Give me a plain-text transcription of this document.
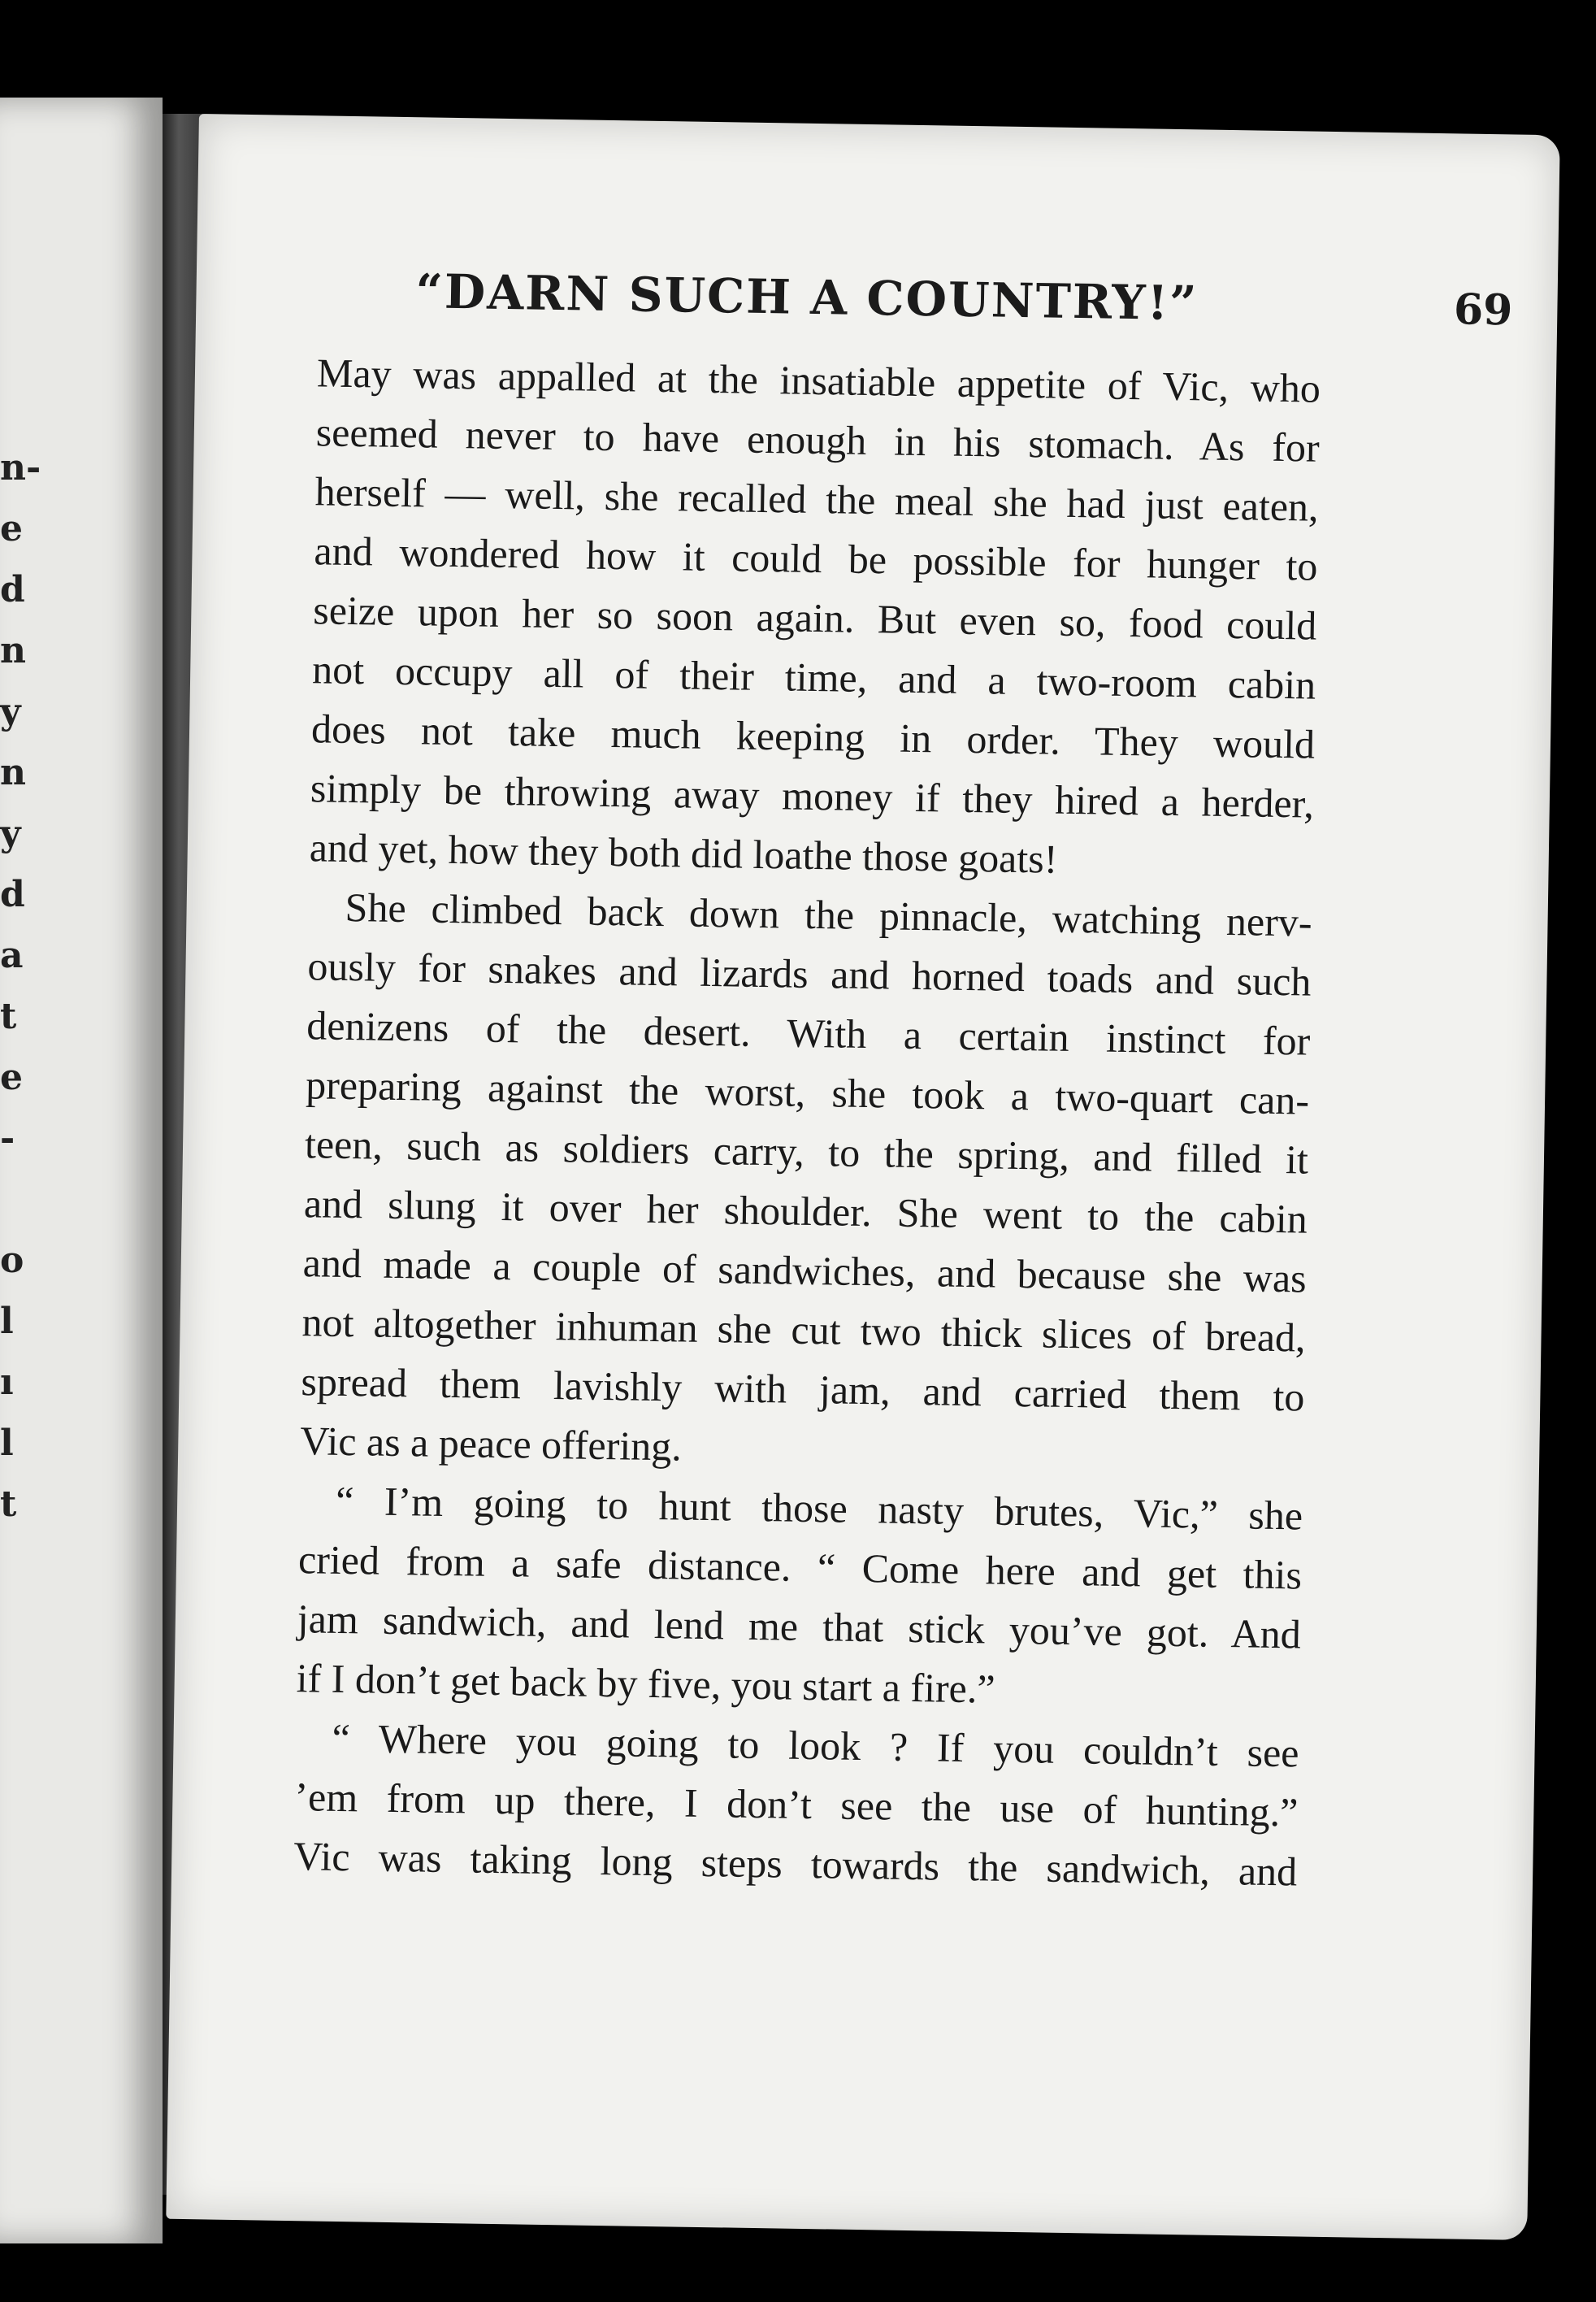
n-
e
d
n
y
n
y
d
a
t
e
-
o
l
ı
l
t
“DARN SUCH A COUNTRY!”	69
May was appalled at the insatiable appetite of Vic, who
seemed never to have enough in his stomach. As for
herself — well, she recalled the meal she had just eaten,
and wondered how it could be possible for hunger to
seize upon her so soon again. But even so, food could
not occupy all of their time, and a two-room cabin
does not take much keeping in order. They would
simply be throwing away money if they hired a herder,
and yet, how they both did loathe those goats!
She climbed back down the pinnacle, watching nerv-
ously for snakes and lizards and horned toads and such
denizens of the desert. With a certain instinct for
preparing against the worst, she took a two-quart can-
teen, such as soldiers carry, to the spring, and filled it
and slung it over her shoulder. She went to the cabin
and made a couple of sandwiches, and because she was
not altogether inhuman she cut two thick slices of bread,
spread them lavishly with jam, and carried them to
Vic as a peace offering.
“ I’m going to hunt those nasty brutes, Vic,” she
cried from a safe distance. “ Come here and get this
jam sandwich, and lend me that stick you’ve got. And
if I don’t get back by five, you start a fire.”
“ Where you going to look ? If you couldn’t see
’em from up there, I don’t see the use of hunting.”
Vic was taking long steps towards the sandwich, and
